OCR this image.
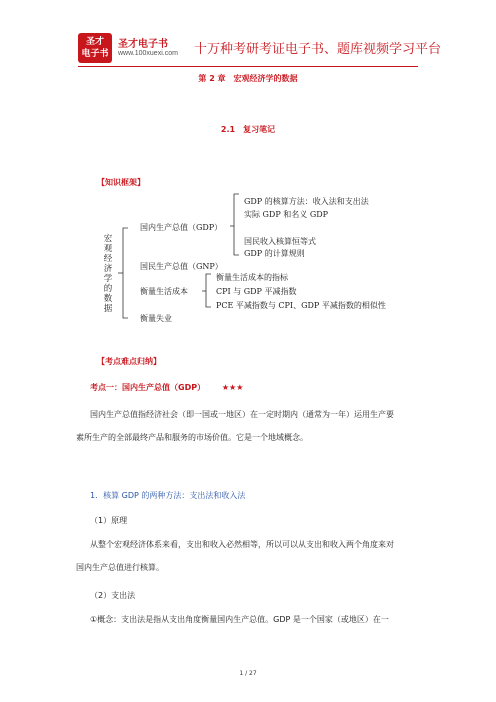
圣才
电子书
圣才电子书
www.100xuexi.com 十万种考研考证电子书、题库视频学习平台
第 2 章　宏观经济学的数据
2.1　复习笔记
【知识框架】
宏观经济学的数据
国内生产总值（GDP）
国民生产总值（GNP）
衡量生活成本
衡量失业
GDP 的核算方法：收入法和支出法
实际 GDP 和名义 GDP
国民收入核算恒等式
GDP 的计算规则
衡量生活成本的指标
CPI 与 GDP 平减指数
PCE 平减指数与 CPI、GDP 平减指数的相似性
【考点难点归纳】
考点一：国内生产总值（GDP） ★★★
国内生产总值指经济社会（即一国或一地区）在一定时期内（通常为一年）运用生产要
素所生产的全部最终产品和服务的市场价值。它是一个地域概念。
1．核算 GDP 的两种方法：支出法和收入法
（1）原理
从整个宏观经济体系来看，支出和收入必然相等，所以可以从支出和收入两个角度来对
国内生产总值进行核算。
（2）支出法
①概念：支出法是指从支出角度衡量国内生产总值。GDP 是一个国家（或地区）在一
1 / 27
